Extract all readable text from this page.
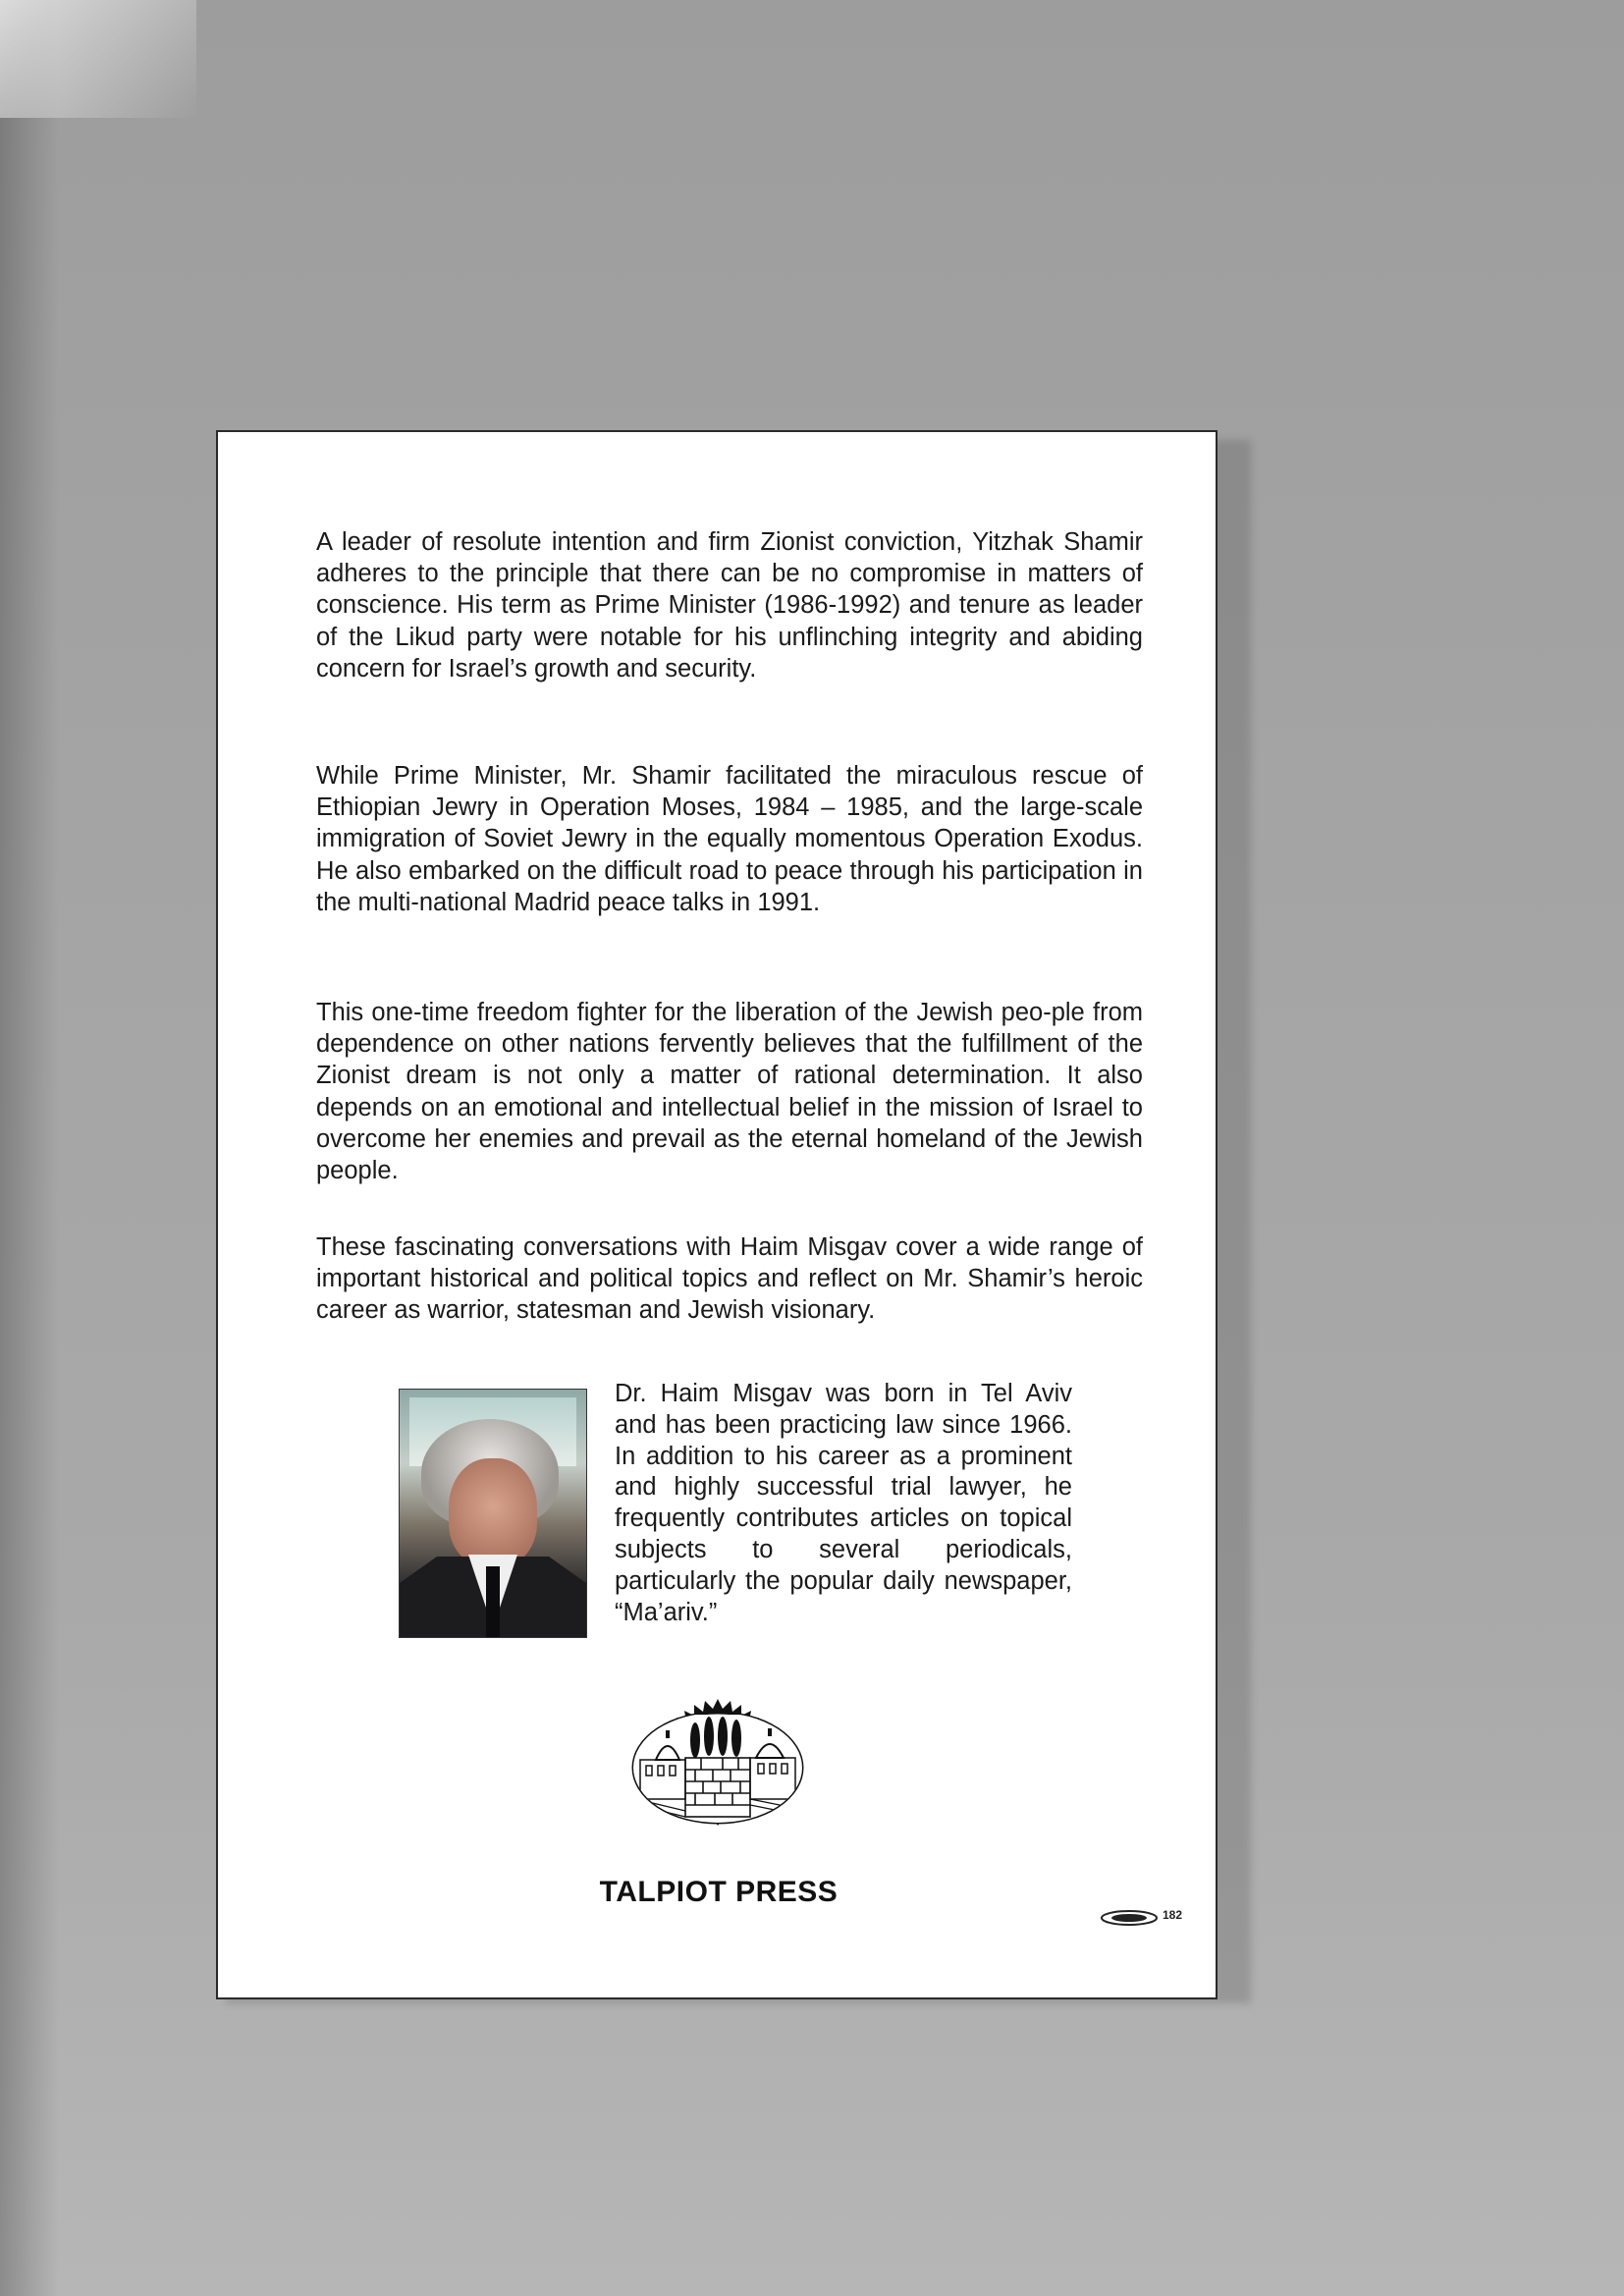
A leader of resolute intention and firm Zionist conviction, Yitzhak Shamir adheres to the principle that there can be no compromise in matters of conscience. His term as Prime Minister (1986-1992) and tenure as leader of the Likud party were notable for his unflinching integrity and abiding concern for Israel’s growth and security.

While Prime Minister, Mr. Shamir facilitated the miraculous rescue of Ethiopian Jewry in Operation Moses, 1984 – 1985, and the large-scale immigration of Soviet Jewry in the equally momentous Operation Exodus. He also embarked on the difficult road to peace through his participation in the multi-national Madrid peace talks in 1991.

This one-time freedom fighter for the liberation of the Jewish peo-ple from dependence on other nations fervently believes that the fulfillment of the Zionist dream is not only a matter of rational determination. It also depends on an emotional and intellectual belief in the mission of Israel to overcome her enemies and prevail as the eternal homeland of the Jewish people.

These fascinating conversations with Haim Misgav cover a wide range of important historical and political topics and reflect on Mr. Shamir’s heroic career as warrior, statesman and Jewish visionary.

Dr. Haim Misgav was born in Tel Aviv and has been practicing law since 1966. In addition to his career as a prominent and highly successful trial lawyer, he frequently contributes articles on topical subjects to several periodicals, particularly the popular daily newspaper, “Ma’ariv.”

TALPIOT PRESS
182
